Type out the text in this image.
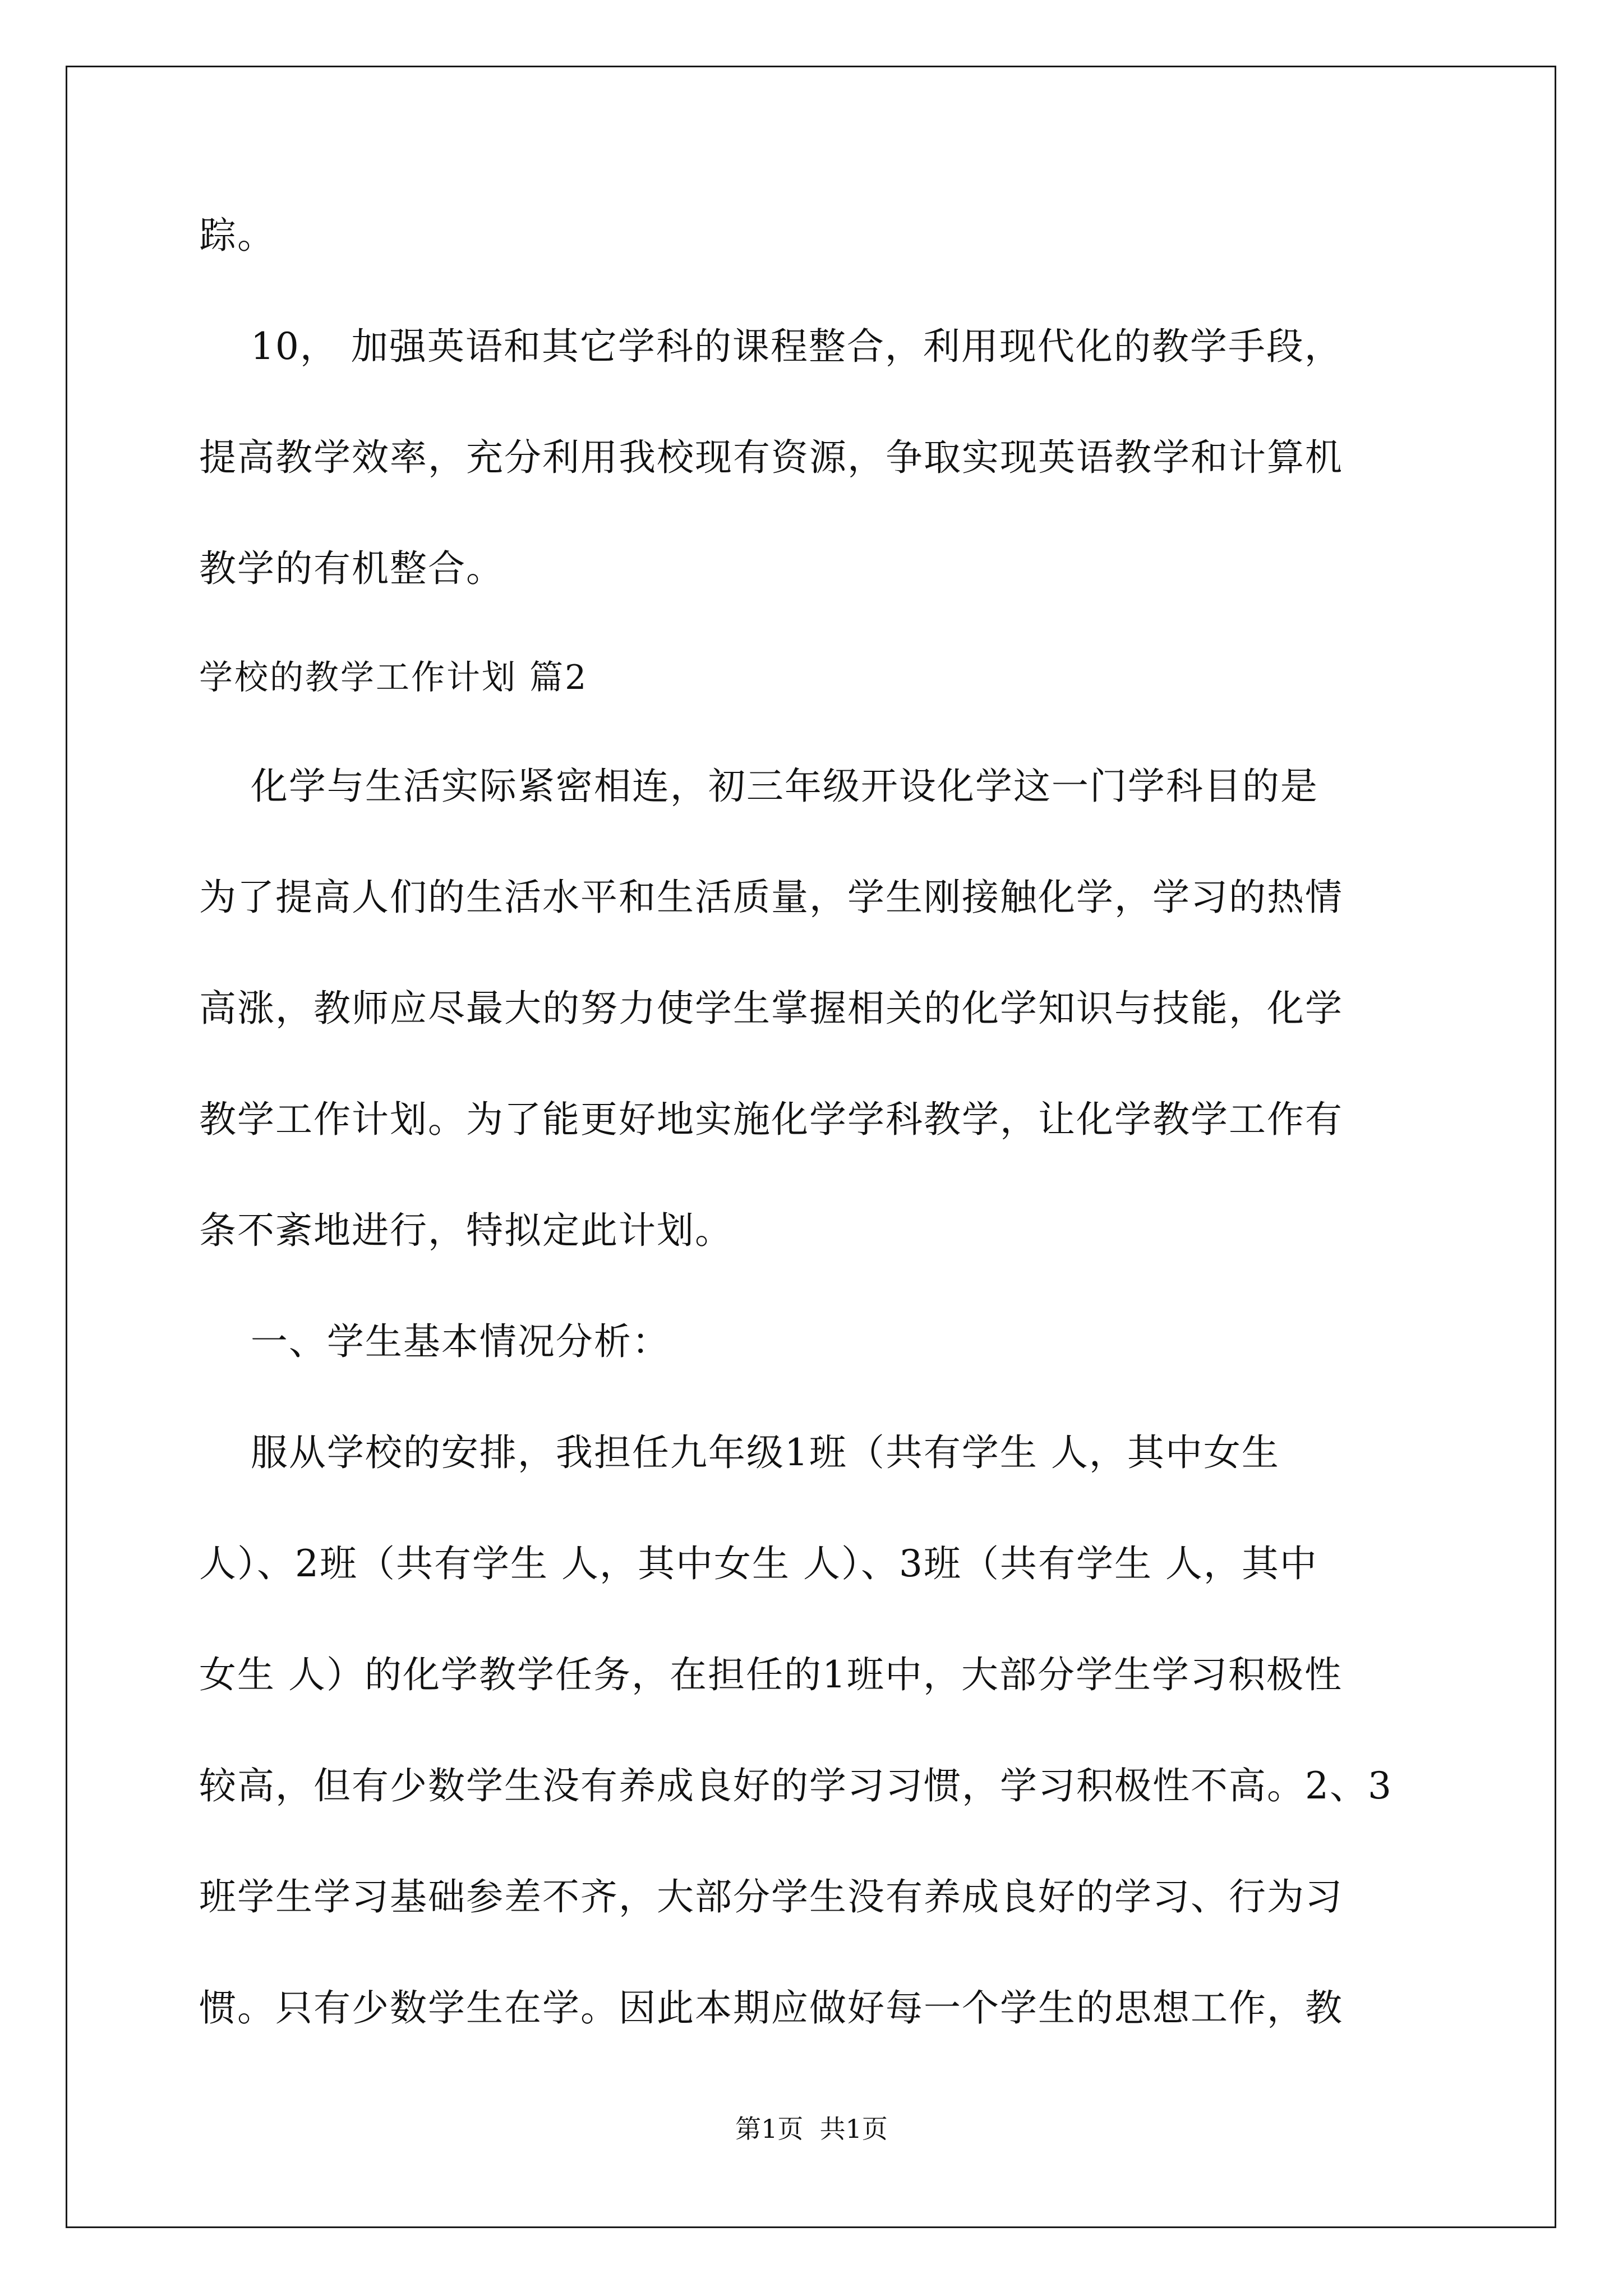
踪。
10， 加强英语和其它学科的课程整合，利用现代化的教学手段，
提高教学效率，充分利用我校现有资源，争取实现英语教学和计算机
教学的有机整合。
学校的教学工作计划 篇2
化学与生活实际紧密相连，初三年级开设化学这一门学科目的是
为了提高人们的生活水平和生活质量，学生刚接触化学，学习的热情
高涨，教师应尽最大的努力使学生掌握相关的化学知识与技能，化学
教学工作计划。为了能更好地实施化学学科教学，让化学教学工作有
条不紊地进行，特拟定此计划。
一、学生基本情况分析：
服从学校的安排，我担任九年级1班（共有学生 人，其中女生
人）、2班（共有学生 人，其中女生 人）、3班（共有学生 人，其中
女生 人）的化学教学任务，在担任的1班中，大部分学生学习积极性
较高，但有少数学生没有养成良好的学习习惯，学习积极性不高。2、3
班学生学习基础参差不齐，大部分学生没有养成良好的学习、行为习
惯。只有少数学生在学。因此本期应做好每一个学生的思想工作，教
第1页  共1页
